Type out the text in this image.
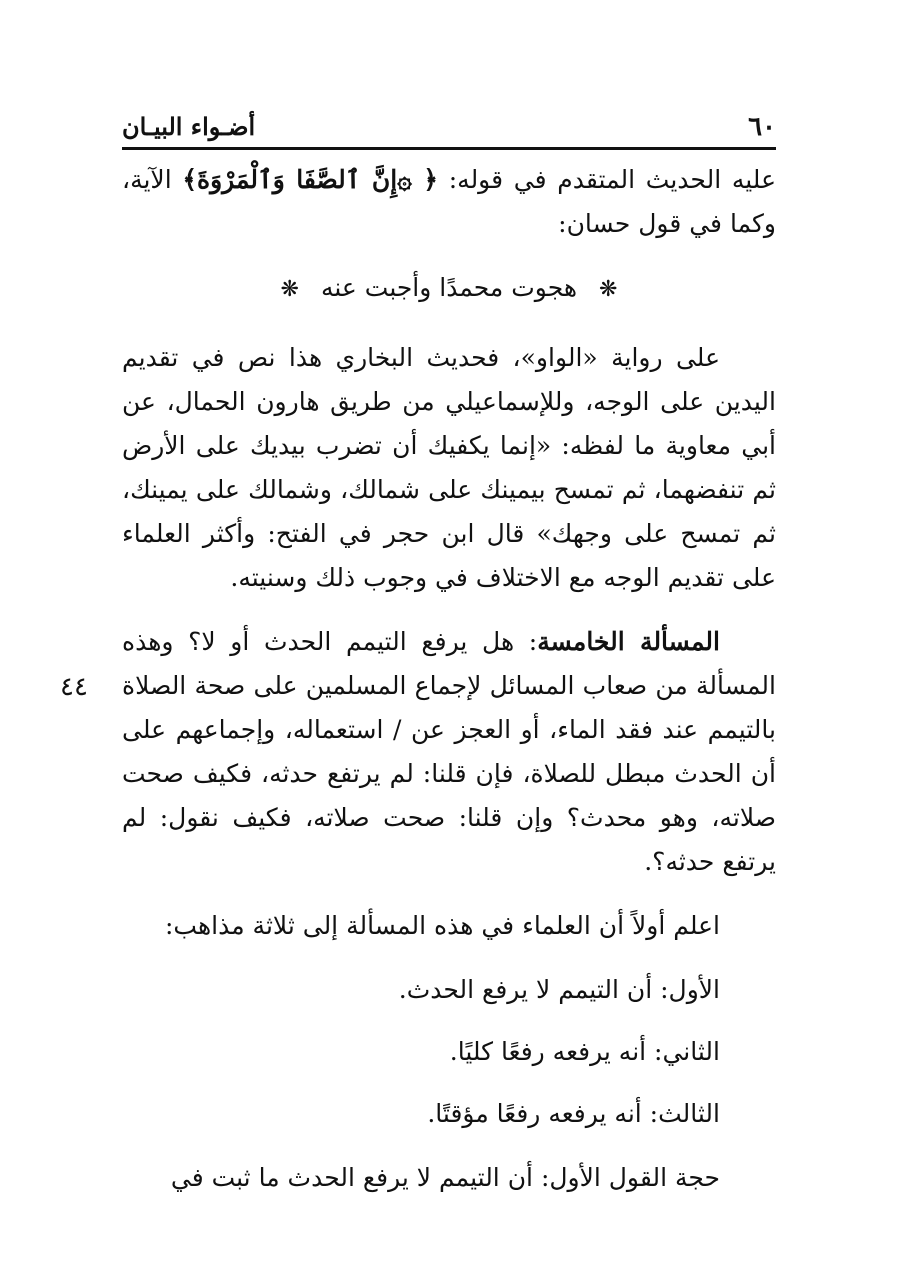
٦٠
أضـواء البيـان
٤٤

عليه الحديث المتقدم في قوله: ﴿ ۞إِنَّ ٱلصَّفَا وَٱلْمَرْوَةَ﴾ الآية، وكما في قول حسان:

❋هجوت محمدًا وأجبت عنه❋

على رواية «الواو»، فحديث البخاري هذا نص في تقديم اليدين على الوجه، وللإسماعيلي من طريق هارون الحمال، عن أبي معاوية ما لفظه: «إنما يكفيك أن تضرب بيديك على الأرض ثم تنفضهما، ثم تمسح بيمينك على شمالك، وشمالك على يمينك، ثم تمسح على وجهك» قال ابن حجر في الفتح: وأكثر العلماء على تقديم الوجه مع الاختلاف في وجوب ذلك وسنيته.

المسألة الخامسة: هل يرفع التيمم الحدث أو لا؟ وهذه المسألة من صعاب المسائل لإجماع المسلمين على صحة الصلاة بالتيمم عند فقد الماء، أو العجز عن / استعماله، وإجماعهم على أن الحدث مبطل للصلاة، فإن قلنا: لم يرتفع حدثه، فكيف صحت صلاته، وهو محدث؟ وإن قلنا: صحت صلاته، فكيف نقول: لم يرتفع حدثه؟.

اعلم أولاً أن العلماء في هذه المسألة إلى ثلاثة مذاهب:

الأول: أن التيمم لا يرفع الحدث.

الثاني: أنه يرفعه رفعًا كليًا.

الثالث: أنه يرفعه رفعًا مؤقتًا.

حجة القول الأول: أن التيمم لا يرفع الحدث ما ثبت في
